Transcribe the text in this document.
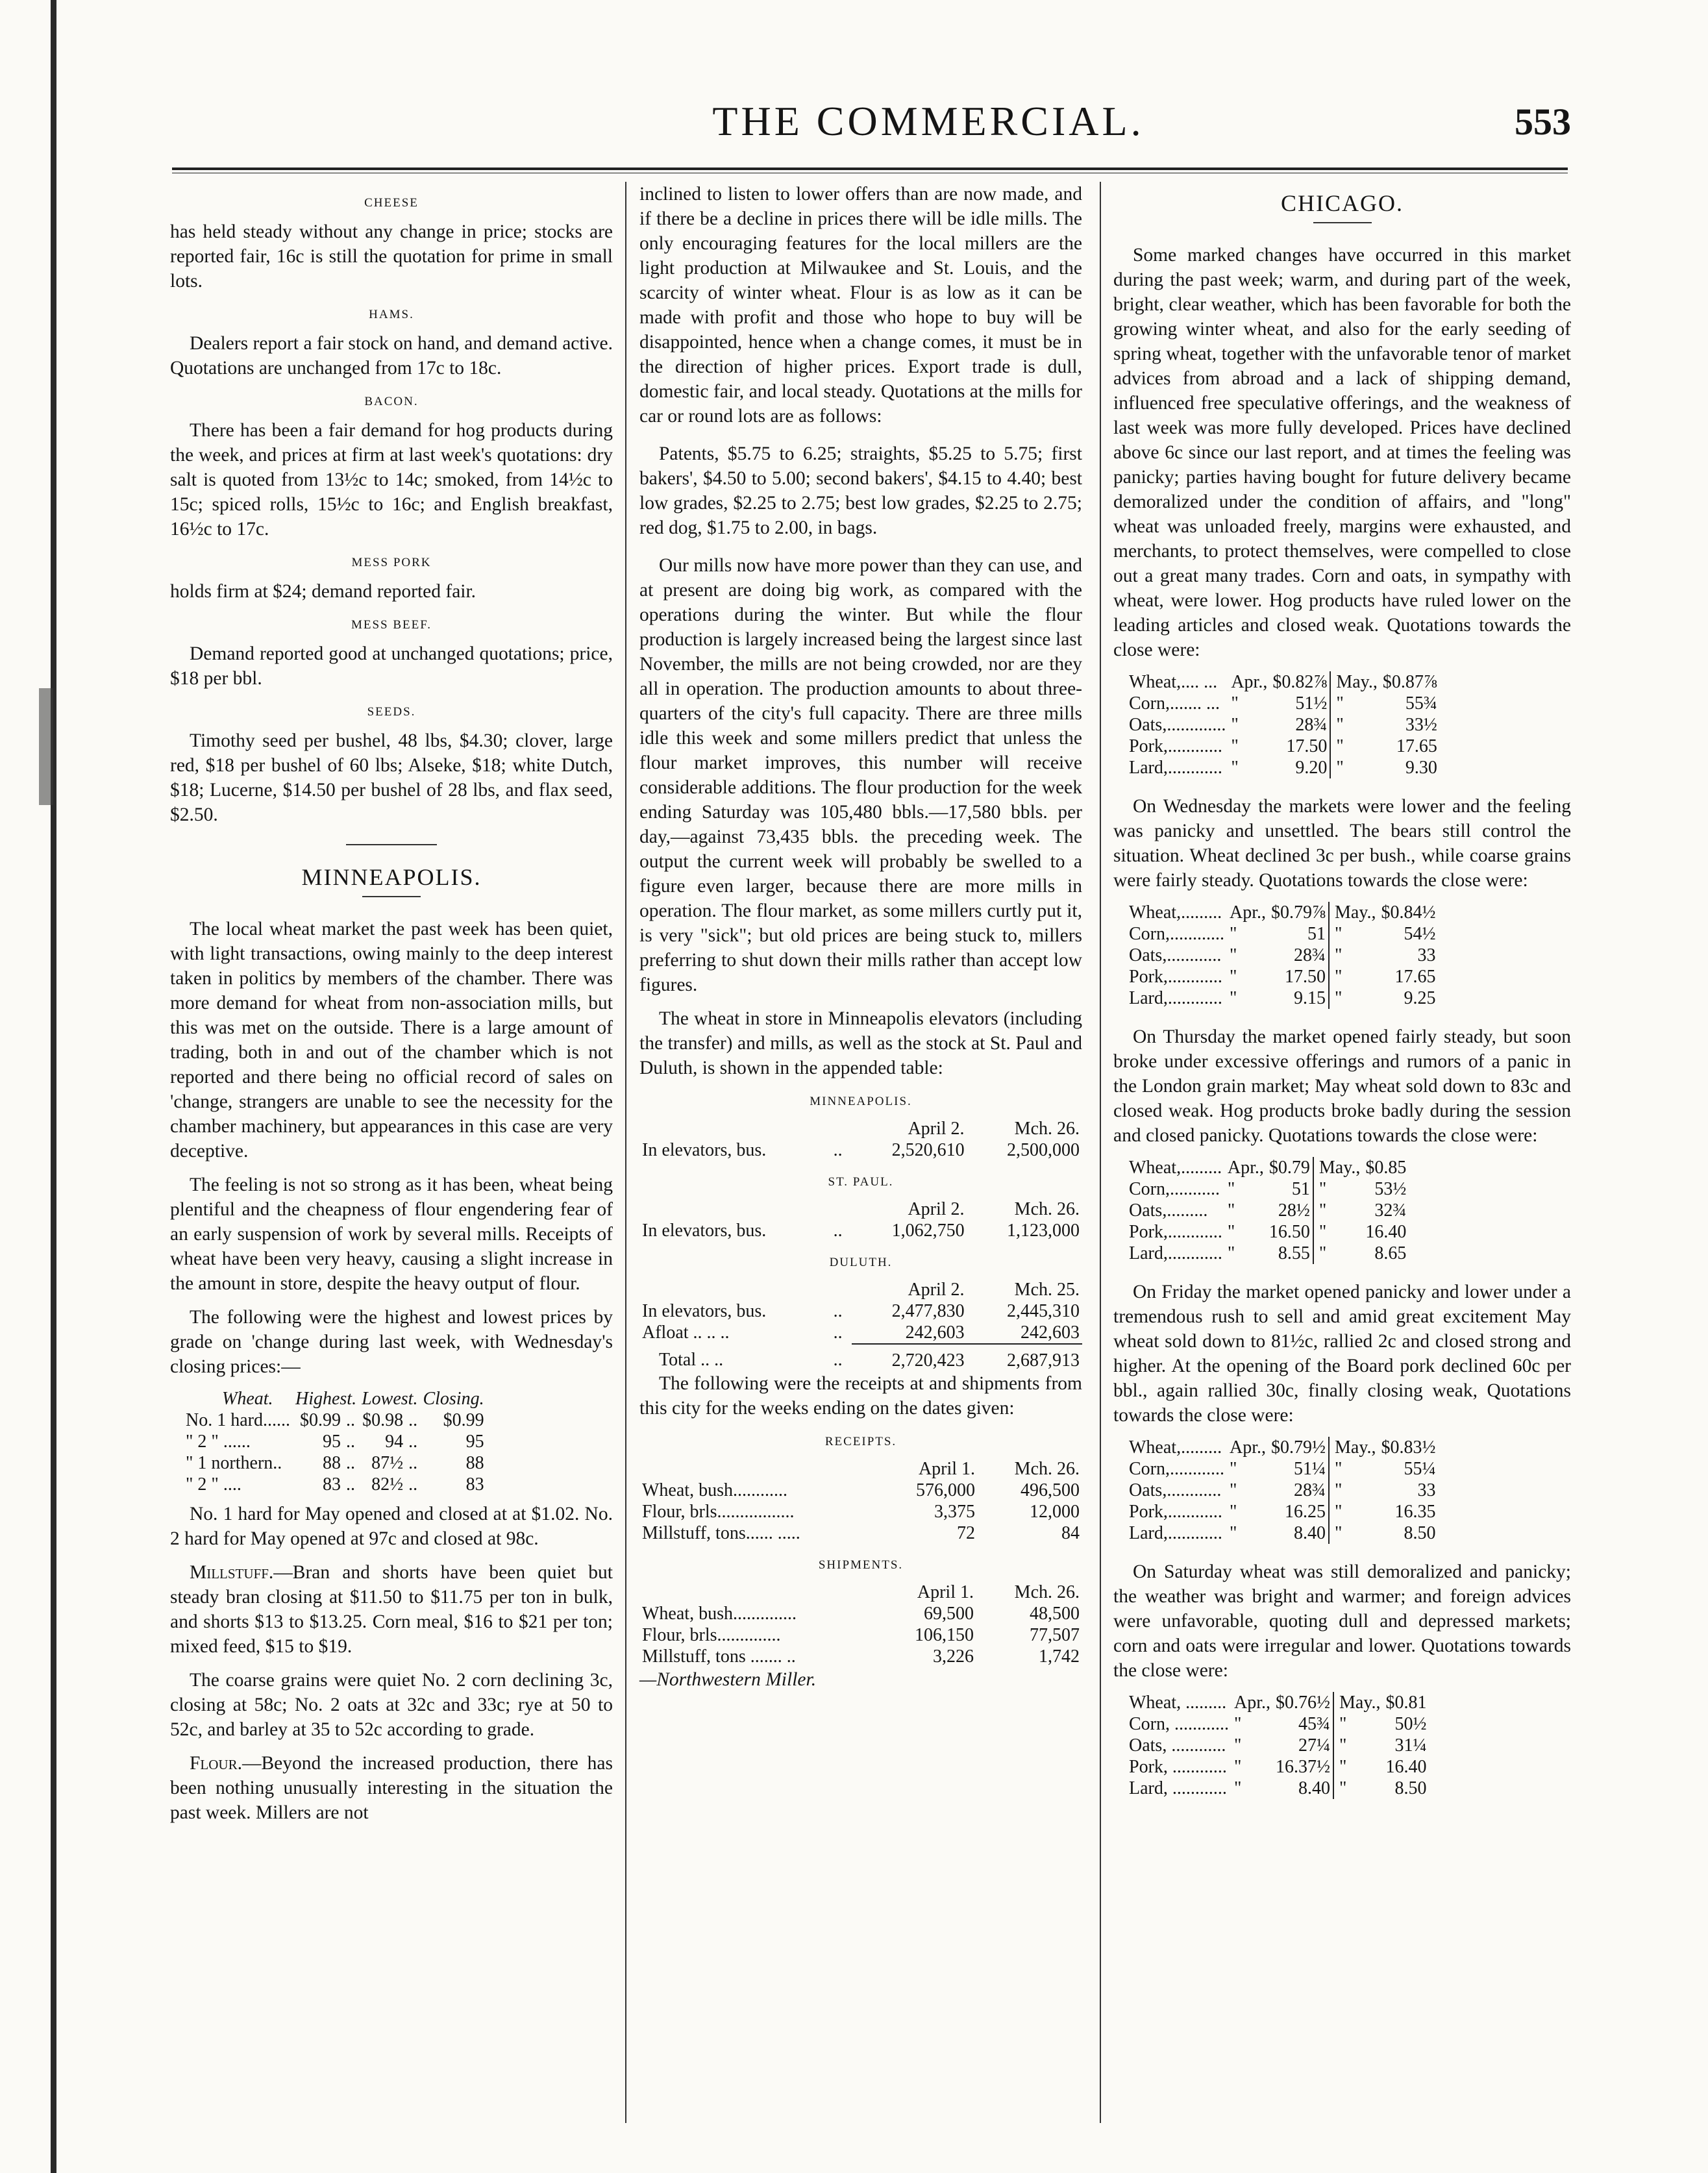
THE COMMERCIAL.	553
CHEESE

has held steady without any change in price; stocks are reported fair, 16c is still the quotation for prime in small lots.

HAMS.

Dealers report a fair stock on hand, and demand active. Quotations are unchanged from 17c to 18c.

BACON.

There has been a fair demand for hog products during the week, and prices at firm at last week's quotations: dry salt is quoted from 13½c to 14c; smoked, from 14½c to 15c; spiced rolls, 15½c to 16c; and English breakfast, 16½c to 17c.

MESS PORK

holds firm at $24; demand reported fair.

MESS BEEF.

Demand reported good at unchanged quotations; price, $18 per bbl.

SEEDS.

Timothy seed per bushel, 48 lbs, $4.30; clover, large red, $18 per bushel of 60 lbs; Alseke, $18; white Dutch, $18; Lucerne, $14.50 per bushel of 28 lbs, and flax seed, $2.50.

MINNEAPOLIS.

The local wheat market the past week has been quiet, with light transactions, owing mainly to the deep interest taken in politics by members of the chamber. There was more demand for wheat from non-association mills, but this was met on the outside. There is a large amount of trading, both in and out of the chamber which is not reported and there being no official record of sales on 'change, strangers are unable to see the necessity for the chamber machinery, but appearances in this case are very deceptive.

The feeling is not so strong as it has been, wheat being plentiful and the cheapness of flour engendering fear of an early suspension of work by several mills. Receipts of wheat have been very heavy, causing a slight increase in the amount in store, despite the heavy output of flour.

The following were the highest and lowest prices by grade on 'change during last week, with Wednesday's closing prices:—

Wheat.	Highest.		Lowest.		Closing.
No. 1 hard......	$0.99	..	$0.98	..	$0.99
" 2 " ......	95	..	94	..	95
" 1 northern..	88	..	87½	..	88
" 2 " ....	83	..	82½	..	83

No. 1 hard for May opened and closed at at $1.02. No. 2 hard for May opened at 97c and closed at 98c.

Millstuff.—Bran and shorts have been quiet but steady bran closing at $11.50 to $11.75 per ton in bulk, and shorts $13 to $13.25. Corn meal, $16 to $21 per ton; mixed feed, $15 to $19.

The coarse grains were quiet No. 2 corn declining 3c, closing at 58c; No. 2 oats at 32c and 33c; rye at 50 to 52c, and barley at 35 to 52c according to grade.

Flour.—Beyond the increased production, there has been nothing unusually interesting in the situation the past week. Millers are not

inclined to listen to lower offers than are now made, and if there be a decline in prices there will be idle mills. The only encouraging features for the local millers are the light production at Milwaukee and St. Louis, and the scarcity of winter wheat. Flour is as low as it can be made with profit and those who hope to buy will be disappointed, hence when a change comes, it must be in the direction of higher prices. Export trade is dull, domestic fair, and local steady. Quotations at the mills for car or round lots are as follows:

Patents, $5.75 to 6.25; straights, $5.25 to 5.75; first bakers', $4.50 to 5.00; second bakers', $4.15 to 4.40; best low grades, $2.25 to 2.75; best low grades, $2.25 to 2.75; red dog, $1.75 to 2.00, in bags.

Our mills now have more power than they can use, and at present are doing big work, as compared with the operations during the winter. But while the flour production is largely increased being the largest since last November, the mills are not being crowded, nor are they all in operation. The production amounts to about three-quarters of the city's full capacity. There are three mills idle this week and some millers predict that unless the flour market improves, this number will receive considerable additions. The flour production for the week ending Saturday was 105,480 bbls.—17,580 bbls. per day,—against 73,435 bbls. the preceding week. The output the current week will probably be swelled to a figure even larger, because there are more mills in operation. The flour market, as some millers curtly put it, is very "sick"; but old prices are being stuck to, millers preferring to shut down their mills rather than accept low figures.

The wheat in store in Minneapolis elevators (including the transfer) and mills, as well as the stock at St. Paul and Duluth, is shown in the appended table:

MINNEAPOLIS.
		April 2.	Mch. 26.
In elevators, bus.	..	2,520,610	2,500,000
ST. PAUL.
		April 2.	Mch. 26.
In elevators, bus.	..	1,062,750	1,123,000
DULUTH.
		April 2.	Mch. 25.
In elevators, bus.	..	2,477,830	2,445,310
Afloat .. .. ..	..	242,603	242,603
Total .. ..	..	2,720,423	2,687,913

The following were the receipts at and shipments from this city for the weeks ending on the dates given:

RECEIPTS.
	April 1.	Mch. 26.
Wheat, bush............	576,000	496,500
Flour, brls.................	3,375	12,000
Millstuff, tons...... .....	72	84
SHIPMENTS.
	April 1.	Mch. 26.
Wheat, bush..............	69,500	48,500
Flour, brls..............	106,150	77,507
Millstuff, tons ....... ..	3,226	1,742
—Northwestern Miller.
CHICAGO.

Some marked changes have occurred in this market during the past week; warm, and during part of the week, bright, clear weather, which has been favorable for both the growing winter wheat, and also for the early seeding of spring wheat, together with the unfavorable tenor of market advices from abroad and a lack of shipping demand, influenced free speculative offerings, and the weakness of last week was more fully developed. Prices have declined above 6c since our last report, and at times the feeling was panicky; parties having bought for future delivery became demoralized under the condition of affairs, and "long" wheat was unloaded freely, margins were exhausted, and merchants, to protect themselves, were compelled to close out a great many trades. Corn and oats, in sympathy with wheat, were lower. Hog products have ruled lower on the leading articles and closed weak. Quotations towards the close were:

Wheat,.... ...	Apr.,	$0.82⅞	May.,	$0.87⅞
Corn,....... ...	"	51½	"	55¾
Oats,.............	"	28¾	"	33½
Pork,............	"	17.50	"	17.65
Lard,............	"	9.20	"	9.30

On Wednesday the markets were lower and the feeling was panicky and unsettled. The bears still control the situation. Wheat declined 3c per bush., while coarse grains were fairly steady. Quotations towards the close were:

Wheat,.........	Apr.,	$0.79⅞	May.,	$0.84½
Corn,............	"	51	"	54½
Oats,............	"	28¾	"	33
Pork,............	"	17.50	"	17.65
Lard,............	"	9.15	"	9.25

On Thursday the market opened fairly steady, but soon broke under excessive offerings and rumors of a panic in the London grain market; May wheat sold down to 83c and closed weak. Hog products broke badly during the session and closed panicky. Quotations towards the close were:

Wheat,.........	Apr.,	$0.79	May.,	$0.85
Corn,...........	"	51	"	53½
Oats,.........	"	28½	"	32¾
Pork,............	"	16.50	"	16.40
Lard,............	"	8.55	"	8.65

On Friday the market opened panicky and lower under a tremendous rush to sell and amid great excitement May wheat sold down to 81½c, rallied 2c and closed strong and higher. At the opening of the Board pork declined 60c per bbl., again rallied 30c, finally closing weak, Quotations towards the close were:

Wheat,.........	Apr.,	$0.79½	May.,	$0.83½
Corn,............	"	51¼	"	55¼
Oats,............	"	28¾	"	33
Pork,............	"	16.25	"	16.35
Lard,............	"	8.40	"	8.50

On Saturday wheat was still demoralized and panicky; the weather was bright and warmer; and foreign advices were unfavorable, quoting dull and depressed markets; corn and oats were irregular and lower. Quotations towards the close were:

Wheat, .........	Apr.,	$0.76½	May.,	$0.81
Corn, ............	"	45¾	"	50½
Oats, ............	"	27¼	"	31¼
Pork, ............	"	16.37½	"	16.40
Lard, ............	"	8.40	"	8.50
